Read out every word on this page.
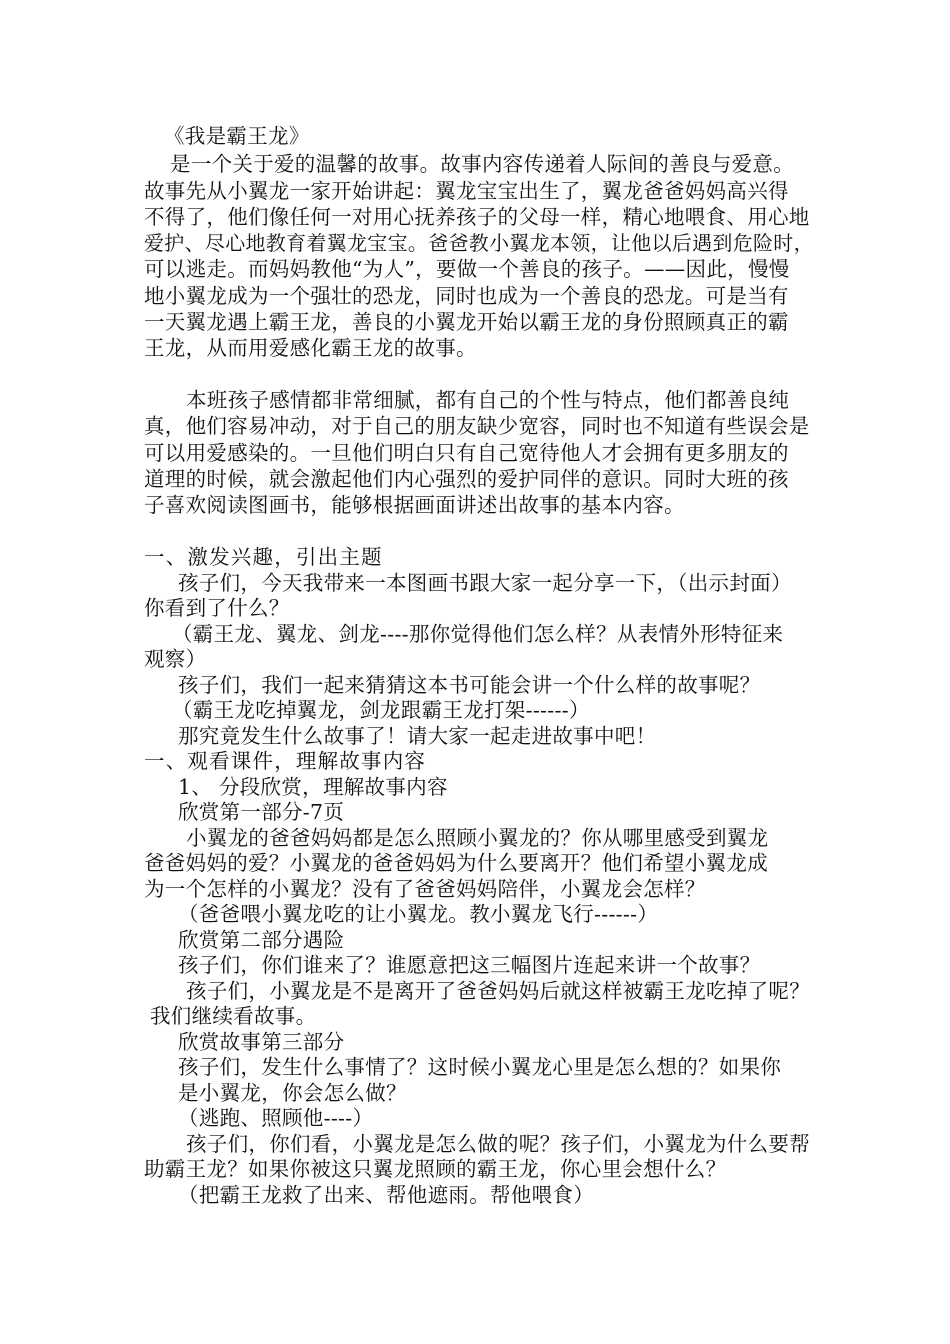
《我是霸王龙》
是一个关于爱的温馨的故事。故事内容传递着人际间的善良与爱意。
故事先从小翼龙一家开始讲起：翼龙宝宝出生了，翼龙爸爸妈妈高兴得
不得了，他们像任何一对用心抚养孩子的父母一样，精心地喂食、用心地
爱护、尽心地教育着翼龙宝宝。爸爸教小翼龙本领，让他以后遇到危险时，
可以逃走。而妈妈教他“为人”，要做一个善良的孩子。——因此，慢慢
地小翼龙成为一个强壮的恐龙，同时也成为一个善良的恐龙。可是当有
一天翼龙遇上霸王龙，善良的小翼龙开始以霸王龙的身份照顾真正的霸
王龙，从而用爱感化霸王龙的故事。
本班孩子感情都非常细腻，都有自己的个性与特点，他们都善良纯
真，他们容易冲动，对于自己的朋友缺少宽容，同时也不知道有些误会是
可以用爱感染的。一旦他们明白只有自己宽待他人才会拥有更多朋友的
道理的时候，就会激起他们内心强烈的爱护同伴的意识。同时大班的孩
子喜欢阅读图画书，能够根据画面讲述出故事的基本内容。
一、激发兴趣，引出主题
孩子们，今天我带来一本图画书跟大家一起分享一下，（出示封面）
你看到了什么？
（霸王龙、翼龙、剑龙----那你觉得他们怎么样？从表情外形特征来
观察）
孩子们，我们一起来猜猜这本书可能会讲一个什么样的故事呢？
（霸王龙吃掉翼龙，剑龙跟霸王龙打架------）
那究竟发生什么故事了！请大家一起走进故事中吧！
一、观看课件，理解故事内容
1、 分段欣赏，理解故事内容
欣赏第一部分-7页
小翼龙的爸爸妈妈都是怎么照顾小翼龙的？你从哪里感受到翼龙
爸爸妈妈的爱？小翼龙的爸爸妈妈为什么要离开？他们希望小翼龙成
为一个怎样的小翼龙？没有了爸爸妈妈陪伴，小翼龙会怎样？
（爸爸喂小翼龙吃的让小翼龙。教小翼龙飞行------）
欣赏第二部分遇险
孩子们，你们谁来了？谁愿意把这三幅图片连起来讲一个故事？
孩子们，小翼龙是不是离开了爸爸妈妈后就这样被霸王龙吃掉了呢？
我们继续看故事。
欣赏故事第三部分
孩子们，发生什么事情了？这时候小翼龙心里是怎么想的？如果你
是小翼龙，你会怎么做？
（逃跑、照顾他----）
孩子们，你们看，小翼龙是怎么做的呢？孩子们，小翼龙为什么要帮
助霸王龙？如果你被这只翼龙照顾的霸王龙，你心里会想什么？
（把霸王龙救了出来、帮他遮雨。帮他喂食）
